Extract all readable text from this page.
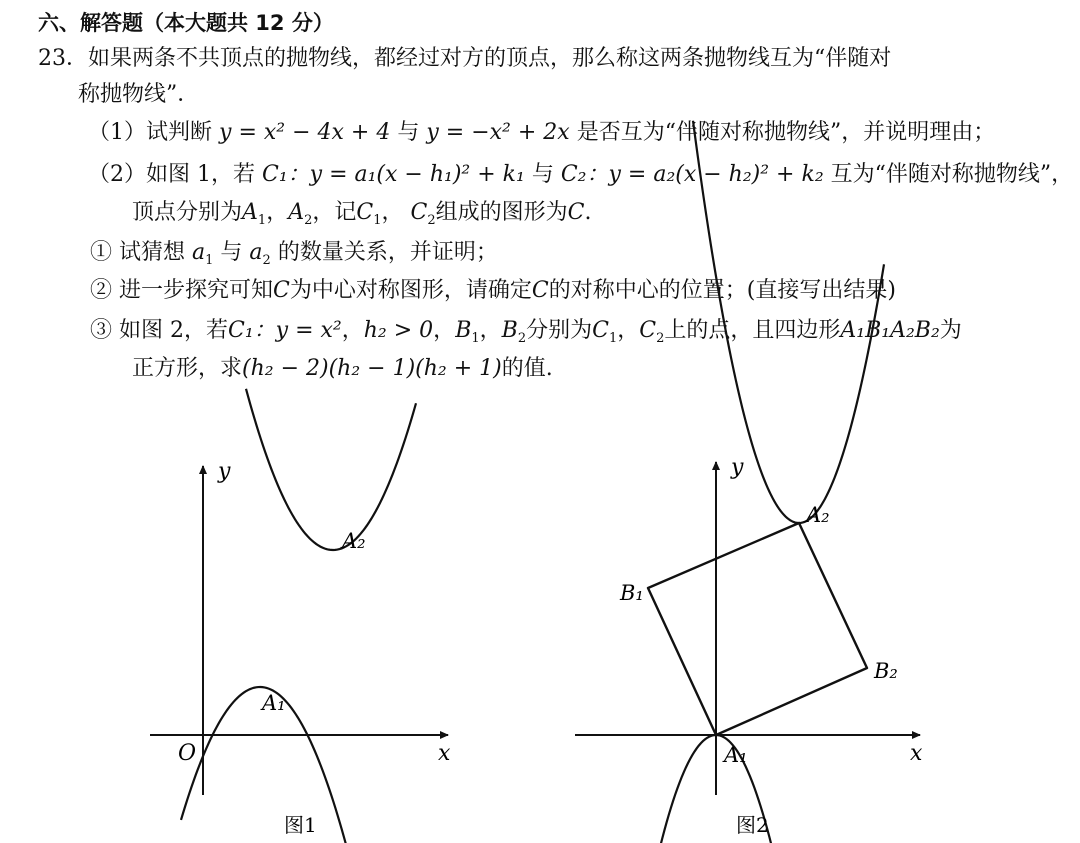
六、解答题（本大题共 12 分）
23．如果两条不共顶点的抛物线，都经过对方的顶点，那么称这两条抛物线互为“伴随对
称抛物线”．
（1）试判断 y = x² − 4x + 4 与 y = −x² + 2x 是否互为“伴随对称抛物线”，并说明理由；
（2）如图 1，若 C₁：y = a₁(x − h₁)² + k₁ 与 C₂：y = a₂(x − h₂)² + k₂ 互为“伴随对称抛物线”，
顶点分别为$A_1$，$A_2$，记$C_1$， $C_2$组成的图形为C.
① 试猜想 $a_1$ 与 $a_2$ 的数量关系，并证明；
② 进一步探究可知C为中心对称图形，请确定C的对称中心的位置；(直接写出结果)
③ 如图 2，若C₁：y = x²，h₂ > 0，$B_1$，$B_2$分别为$C_1$，$C_2$上的点，且四边形A₁B₁A₂B₂为
正方形，求(h₂ − 2)(h₂ − 1)(h₂ + 1)的值.
y
x
O
A₁
A₂
图1
y
x
A₁
A₂
B₁
B₂
图2
